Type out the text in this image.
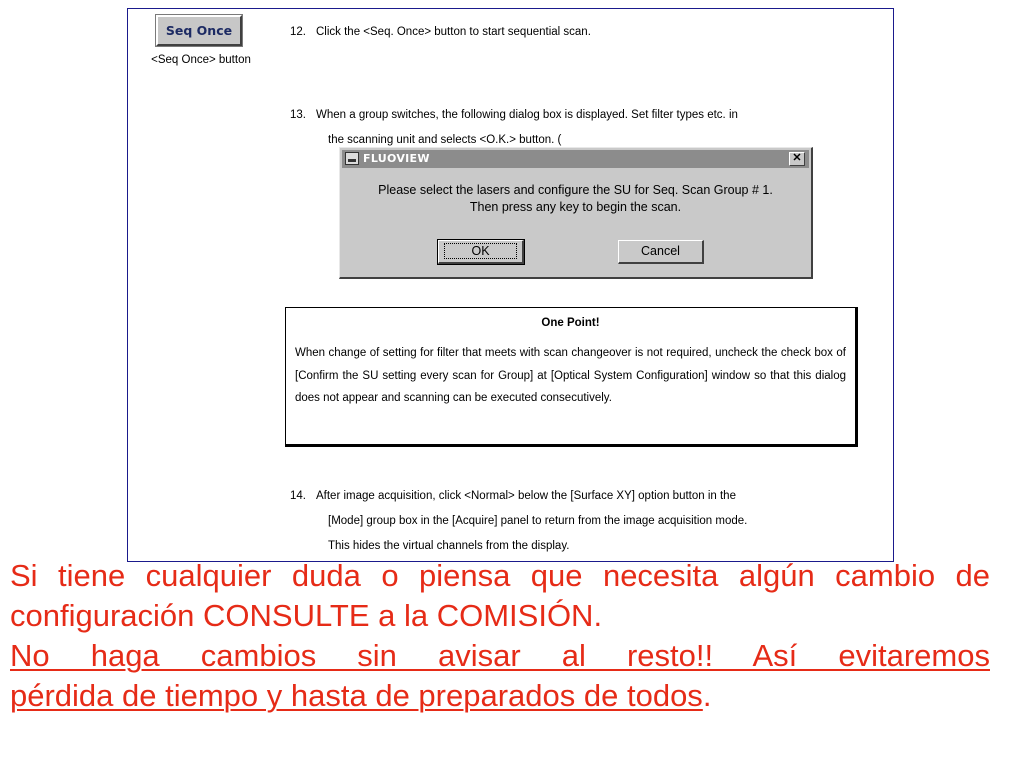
Seq Once
<Seq Once> button
12. Click the <Seq. Once> button to start sequential scan.
13. When a group switches, the following dialog box is displayed. Set filter types etc. in
the scanning unit and selects <O.K.> button. (
FLUOVIEW	✕
Please select the lasers and configure the SU for Seq. Scan Group # 1.
Then press any key to begin the scan.
OK	Cancel
One Point!
When change of setting for filter that meets with scan changeover is not required, uncheck the check box of [Confirm the SU setting every scan for Group] at [Optical System Configuration] window so that this dialog does not appear and scanning can be executed consecutively.
14. After image acquisition, click <Normal> below the [Surface XY] option button in the
[Mode] group box in the [Acquire] panel to return from the image acquisition mode.
This hides the virtual channels from the display.

Si tiene cualquier duda o piensa que necesita algún cambio de configuración CONSULTE a la COMISIÓN.

No haga cambios sin avisar al resto!! Así evitaremos
pérdida de tiempo y hasta de preparados de todos.
